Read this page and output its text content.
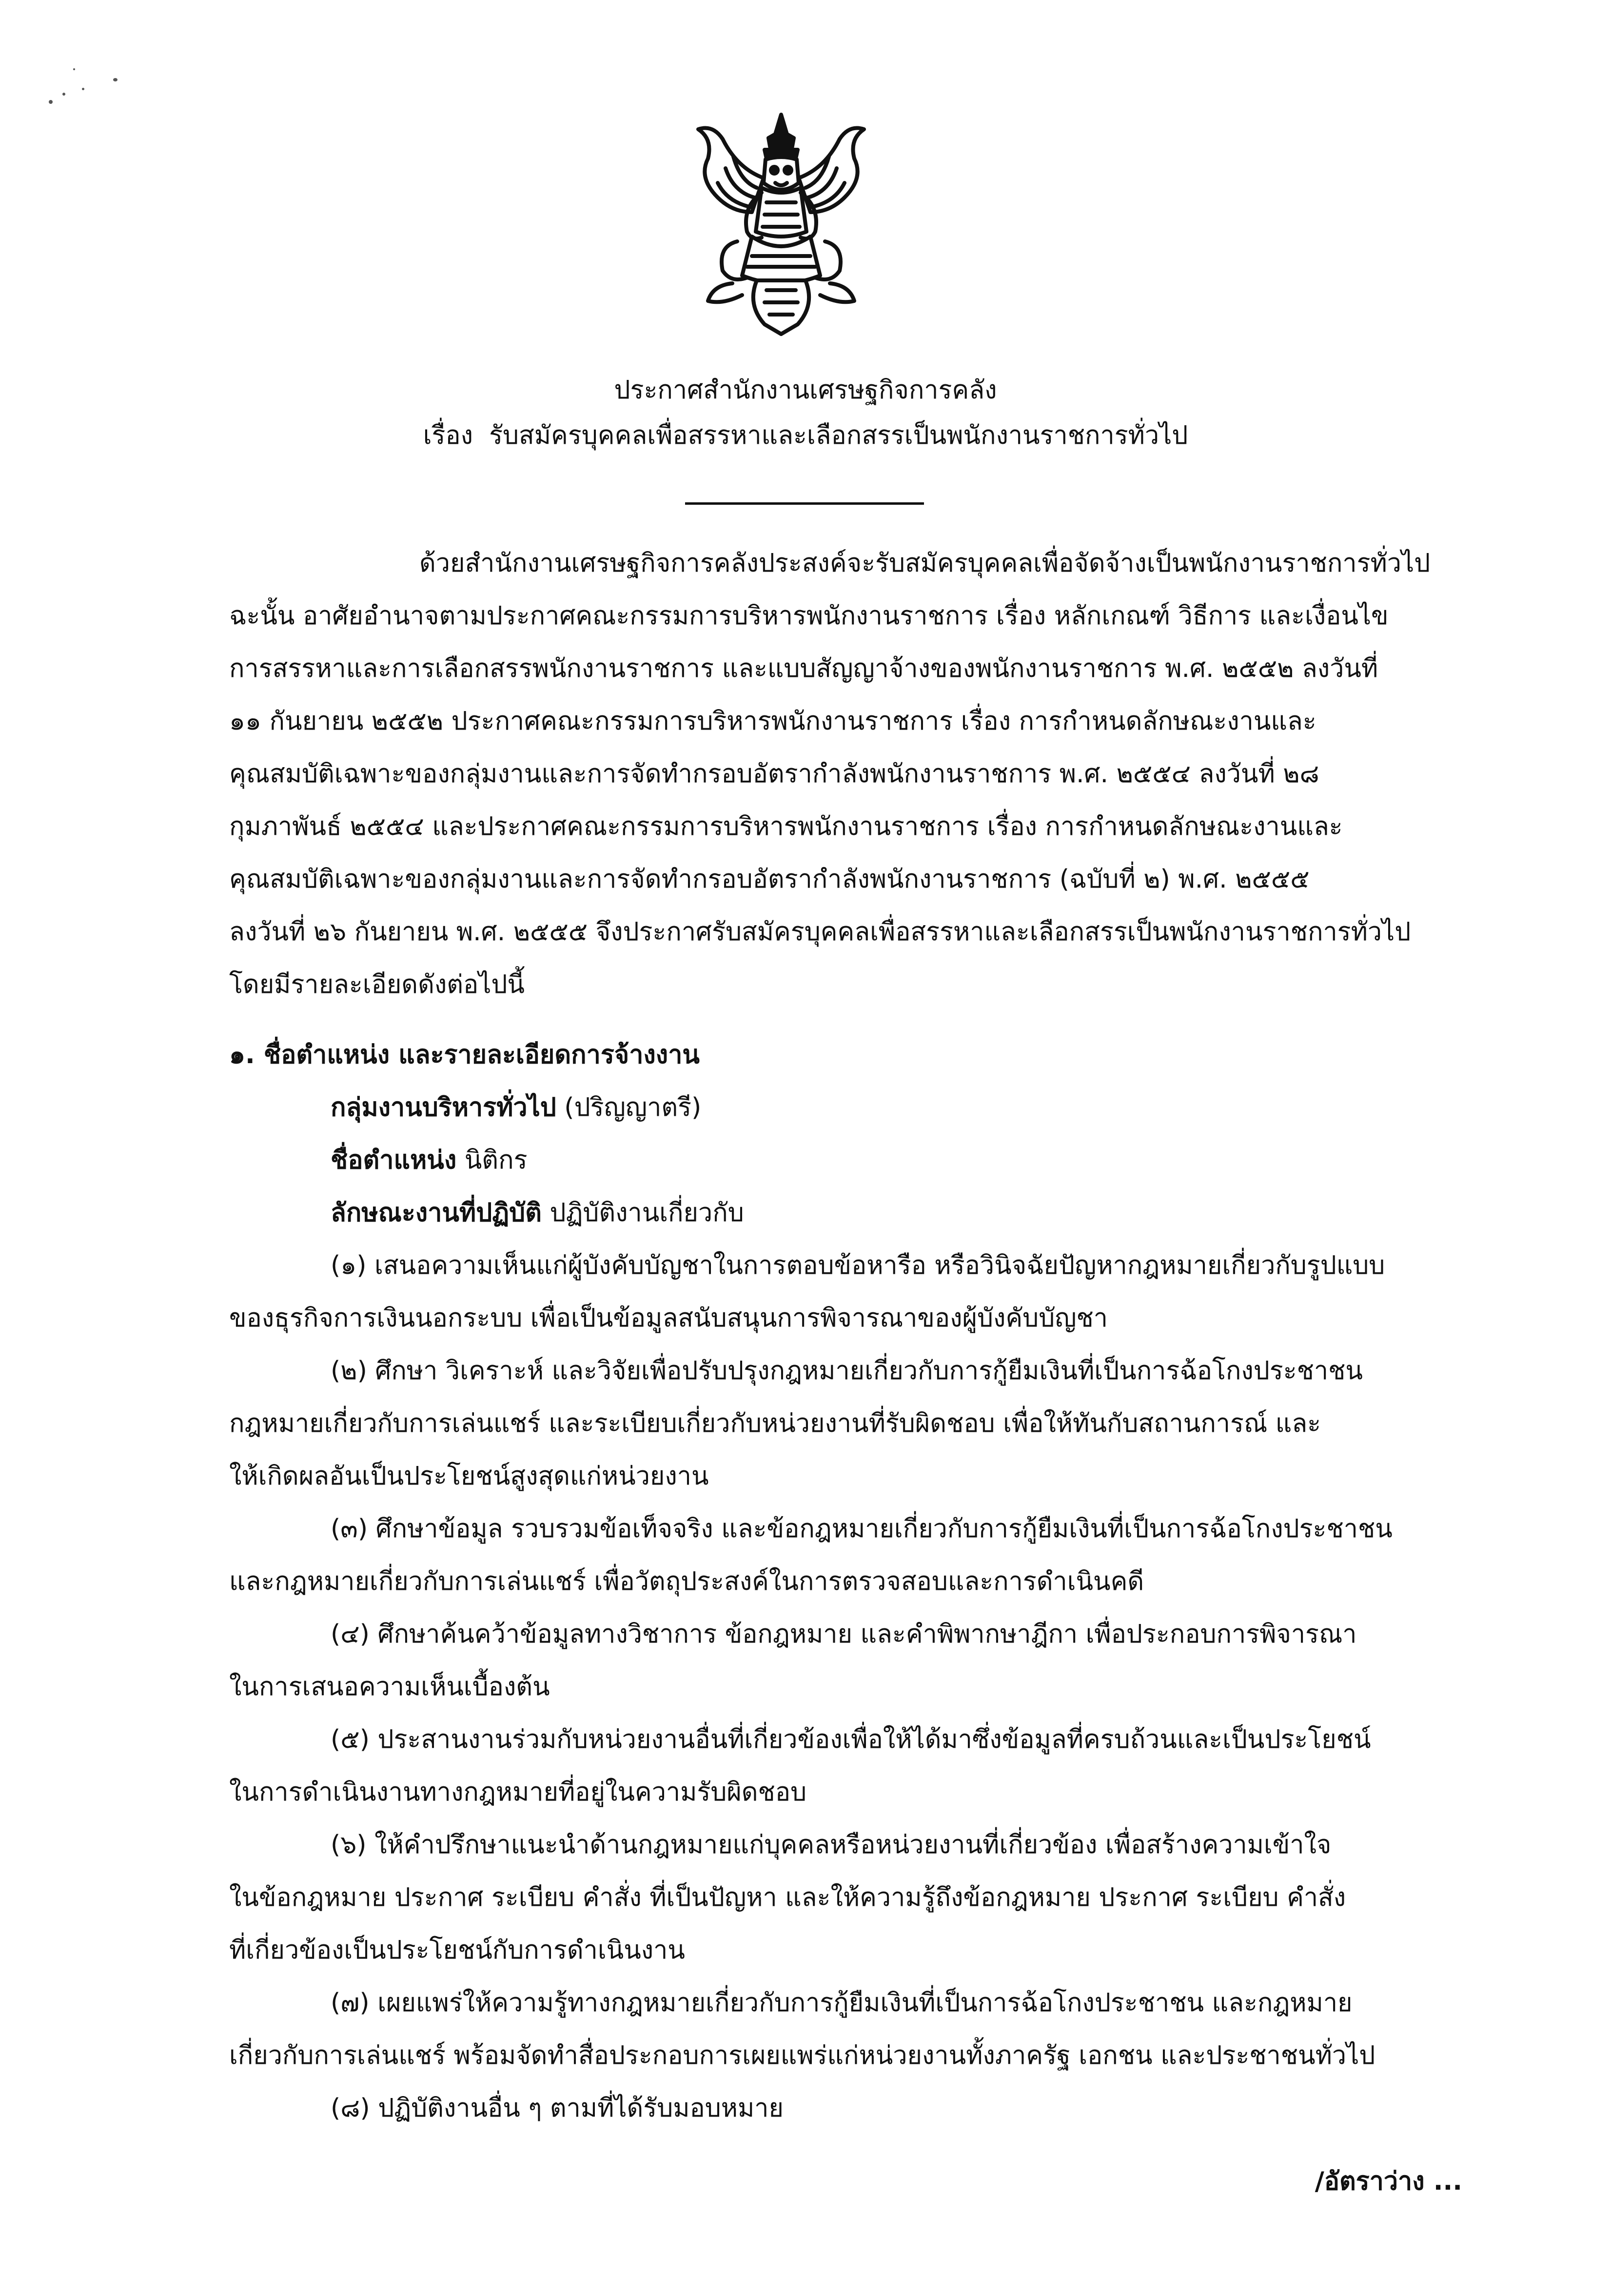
ประกาศสำนักงานเศรษฐกิจการคลัง
เรื่อง รับสมัครบุคคลเพื่อสรรหาและเลือกสรรเป็นพนักงานราชการทั่วไป
ด้วยสำนักงานเศรษฐกิจการคลังประสงค์จะรับสมัครบุคคลเพื่อจัดจ้างเป็นพนักงานราชการทั่วไป
ฉะนั้น อาศัยอำนาจตามประกาศคณะกรรมการบริหารพนักงานราชการ เรื่อง หลักเกณฑ์ วิธีการ และเงื่อนไข
การสรรหาและการเลือกสรรพนักงานราชการ และแบบสัญญาจ้างของพนักงานราชการ พ.ศ. ๒๕๕๒ ลงวันที่
๑๑ กันยายน ๒๕๕๒ ประกาศคณะกรรมการบริหารพนักงานราชการ เรื่อง การกำหนดลักษณะงานและ
คุณสมบัติเฉพาะของกลุ่มงานและการจัดทำกรอบอัตรากำลังพนักงานราชการ พ.ศ. ๒๕๕๔ ลงวันที่ ๒๘
กุมภาพันธ์ ๒๕๕๔ และประกาศคณะกรรมการบริหารพนักงานราชการ เรื่อง การกำหนดลักษณะงานและ
คุณสมบัติเฉพาะของกลุ่มงานและการจัดทำกรอบอัตรากำลังพนักงานราชการ (ฉบับที่ ๒) พ.ศ. ๒๕๕๕
ลงวันที่ ๒๖ กันยายน พ.ศ. ๒๕๕๕ จึงประกาศรับสมัครบุคคลเพื่อสรรหาและเลือกสรรเป็นพนักงานราชการทั่วไป
โดยมีรายละเอียดดังต่อไปนี้
๑. ชื่อตำแหน่ง และรายละเอียดการจ้างงาน
กลุ่มงานบริหารทั่วไป (ปริญญาตรี)
ชื่อตำแหน่ง นิติกร
ลักษณะงานที่ปฏิบัติ ปฏิบัติงานเกี่ยวกับ
(๑) เสนอความเห็นแก่ผู้บังคับบัญชาในการตอบข้อหารือ หรือวินิจฉัยปัญหากฎหมายเกี่ยวกับรูปแบบ
ของธุรกิจการเงินนอกระบบ เพื่อเป็นข้อมูลสนับสนุนการพิจารณาของผู้บังคับบัญชา
(๒) ศึกษา วิเคราะห์ และวิจัยเพื่อปรับปรุงกฎหมายเกี่ยวกับการกู้ยืมเงินที่เป็นการฉ้อโกงประชาชน
กฎหมายเกี่ยวกับการเล่นแชร์ และระเบียบเกี่ยวกับหน่วยงานที่รับผิดชอบ เพื่อให้ทันกับสถานการณ์ และ
ให้เกิดผลอันเป็นประโยชน์สูงสุดแก่หน่วยงาน
(๓) ศึกษาข้อมูล รวบรวมข้อเท็จจริง และข้อกฎหมายเกี่ยวกับการกู้ยืมเงินที่เป็นการฉ้อโกงประชาชน
และกฎหมายเกี่ยวกับการเล่นแชร์ เพื่อวัตถุประสงค์ในการตรวจสอบและการดำเนินคดี
(๔) ศึกษาค้นคว้าข้อมูลทางวิชาการ ข้อกฎหมาย และคำพิพากษาฎีกา เพื่อประกอบการพิจารณา
ในการเสนอความเห็นเบื้องต้น
(๕) ประสานงานร่วมกับหน่วยงานอื่นที่เกี่ยวข้องเพื่อให้ได้มาซึ่งข้อมูลที่ครบถ้วนและเป็นประโยชน์
ในการดำเนินงานทางกฎหมายที่อยู่ในความรับผิดชอบ
(๖) ให้คำปรึกษาแนะนำด้านกฎหมายแก่บุคคลหรือหน่วยงานที่เกี่ยวข้อง เพื่อสร้างความเข้าใจ
ในข้อกฎหมาย ประกาศ ระเบียบ คำสั่ง ที่เป็นปัญหา และให้ความรู้ถึงข้อกฎหมาย ประกาศ ระเบียบ คำสั่ง
ที่เกี่ยวข้องเป็นประโยชน์กับการดำเนินงาน
(๗) เผยแพร่ให้ความรู้ทางกฎหมายเกี่ยวกับการกู้ยืมเงินที่เป็นการฉ้อโกงประชาชน และกฎหมาย
เกี่ยวกับการเล่นแชร์ พร้อมจัดทำสื่อประกอบการเผยแพร่แก่หน่วยงานทั้งภาครัฐ เอกชน และประชาชนทั่วไป
(๘) ปฏิบัติงานอื่น ๆ ตามที่ได้รับมอบหมาย
/อัตราว่าง ...
